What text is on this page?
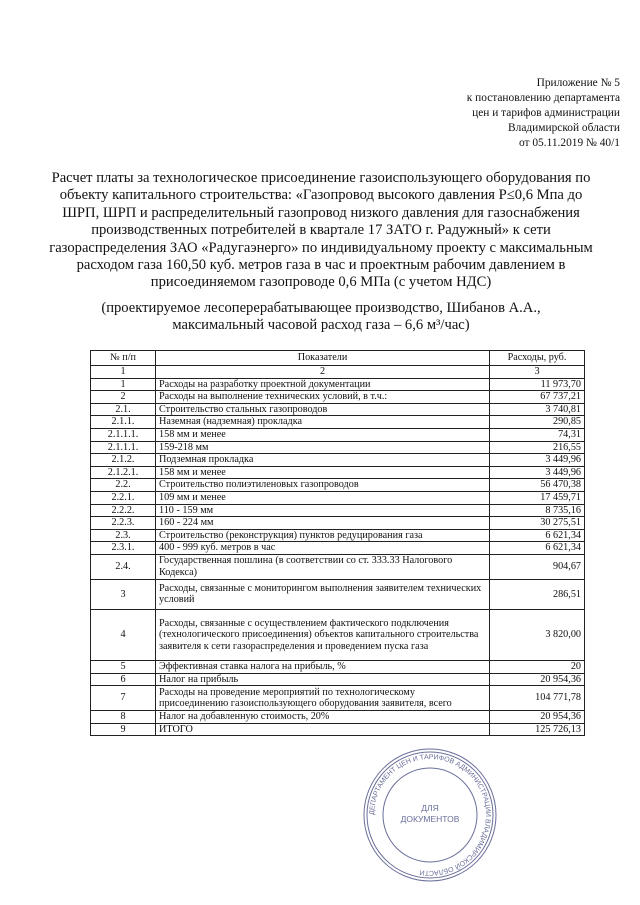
Приложение № 5
к постановлению департамента
цен и тарифов администрации
Владимирской области
от 05.11.2019 № 40/1
Расчет платы за технологическое присоединение газоиспользующего оборудования по объекту капитального строительства: «Газопровод высокого давления Р≤0,6 Мпа до ШРП, ШРП и распределительный газопровод низкого давления для газоснабжения производственных потребителей в квартале 17 ЗАТО г. Радужный» к сети газораспределения ЗАО «Радугаэнерго» по индивидуальному проекту с максимальным расходом газа 160,50 куб. метров газа в час и проектным рабочим давлением в присоединяемом газопроводе 0,6 МПа (с учетом НДС)
(проектируемое лесоперерабатывающее производство, Шибанов А.А.,
максимальный часовой расход газа – 6,6 м³/час)
№ п/п	Показатели	Расходы, руб.
1	2	3
1	Расходы на разработку проектной документации	11 973,70
2	Расходы на выполнение технических условий, в т.ч.:	67 737,21
2.1.	Строительство стальных газопроводов	3 740,81
2.1.1.	Наземная (надземная) прокладка	290,85
2.1.1.1.	158 мм и менее	74,31
2.1.1.1.	159-218 мм	216,55
2.1.2.	Подземная прокладка	3 449,96
2.1.2.1.	158 мм и менее	3 449,96
2.2.	Строительство полиэтиленовых газопроводов	56 470,38
2.2.1.	109 мм и менее	17 459,71
2.2.2.	110 - 159 мм	8 735,16
2.2.3.	160 - 224 мм	30 275,51
2.3.	Строительство (реконструкция) пунктов редуцирования газа	6 621,34
2.3.1.	400 - 999 куб. метров в час	6 621,34
2.4.	Государственная пошлина (в соответствии со ст. 333.33 Налогового Кодекса)	904,67
3	Расходы, связанные с мониторингом выполнения заявителем технических условий	286,51
4	Расходы, связанные с осуществлением фактического подключения (технологического присоединения) объектов капитального строительства заявителя к сети газораспределения и проведением пуска газа	3 820,00
5	Эффективная ставка налога на прибыль, %	20
6	Налог на прибыль	20 954,36
7	Расходы на проведение мероприятий по технологическому присоединению газоиспользующего оборудования заявителя, всего	104 771,78
8	Налог на добавленную стоимость, 20%	20 954,36
9	ИТОГО	125 726,13
ДЕПАРТАМЕНТ ЦЕН И ТАРИФОВ АДМИНИСТРАЦИИ ВЛАДИМИРСКОЙ ОБЛАСТИ
ДЛЯ
ДОКУМЕНТОВ
